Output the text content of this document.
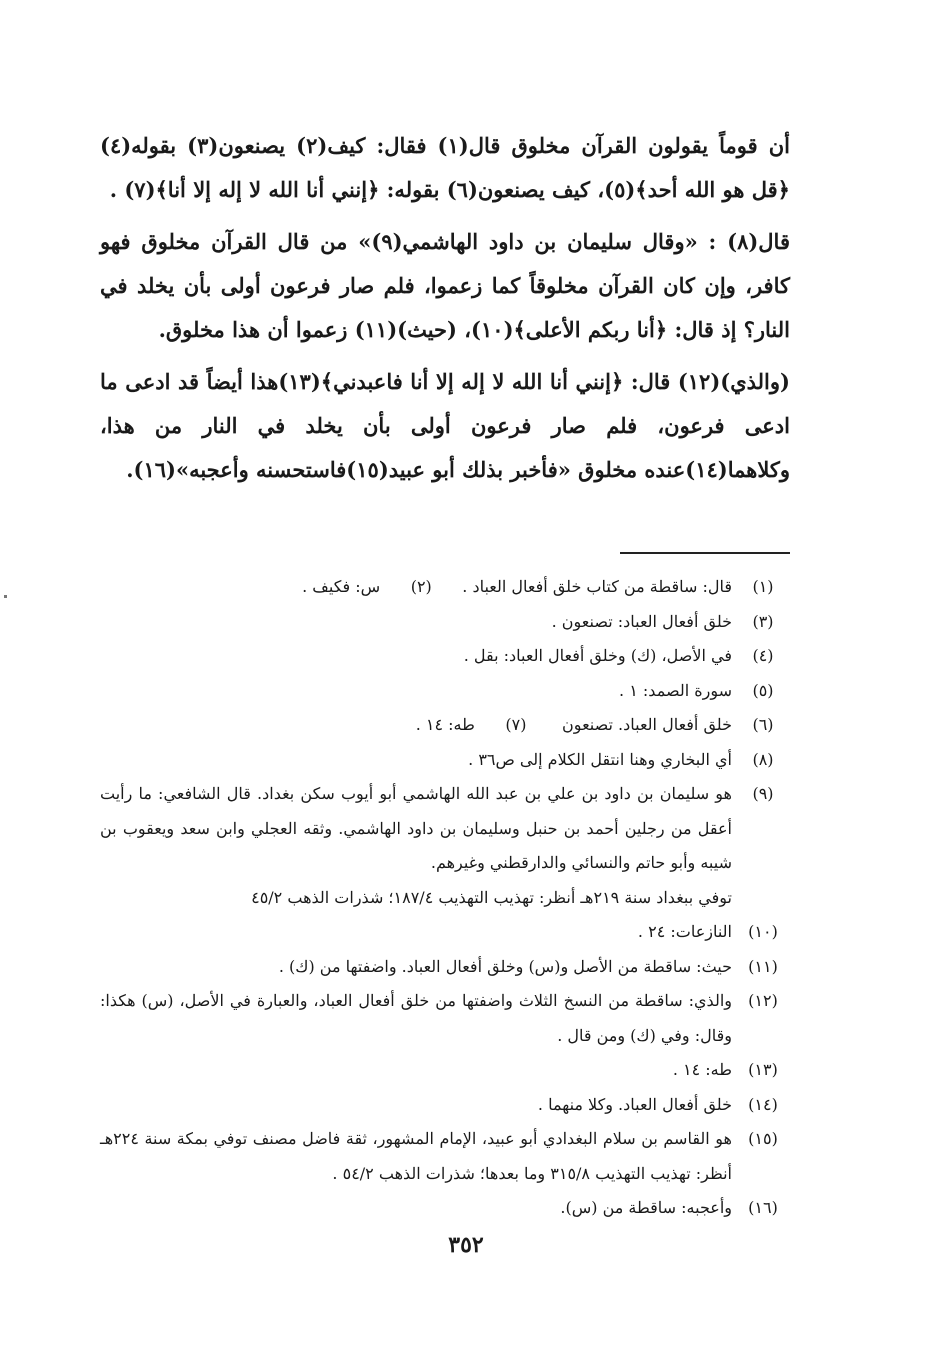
أن قوماً يقولون القرآن مخلوق قال(١) فقال: كيف(٢) يصنعون(٣) بقوله(٤) ﴿قل هو الله أحد﴾(٥)، كيف يصنعون(٦) بقوله: ﴿إنني أنا الله لا إله إلا أنا﴾(٧) .

قال(٨) : «وقال سليمان بن داود الهاشمي(٩)» من قال القرآن مخلوق فهو كافر، وإن كان القرآن مخلوقاً كما زعموا، فلم صار فرعون أولى بأن يخلد في النار؟ إذ قال: ﴿أنا ربكم الأعلى﴾(١٠)، (حيث)(١١) زعموا أن هذا مخلوق.

(والذي)(١٢) قال: ﴿إنني أنا الله لا إله إلا أنا فاعبدني﴾(١٣)هذا أيضاً قد ادعى ما ادعى فرعون، فلم صار فرعون أولى بأن يخلد في النار من هذا، وكلاهما(١٤)عنده مخلوق «فأخبر بذلك أبو عبيد(١٥)فاستحسنه وأعجبه»(١٦).

(١)
قال: ساقطة من كتاب خلق أفعال العباد .      (٢)      س: فكيف .
(٣)
خلق أفعال العباد: تصنعون .
(٤)
في الأصل، (ك) وخلق أفعال العباد: بقل .
(٥)
سورة الصمد: ١ .
(٦)
خلق أفعال العباد. تصنعون       (٧)      طه: ١٤ .
(٨)
أي البخاري وهنا انتقل الكلام إلى ص٣٦ .
(٩)
هو سليمان بن داود بن علي بن عبد الله الهاشمي أبو أيوب سكن بغداد. قال الشافعي: ما رأيت أعقل من رجلين أحمد بن حنبل وسليمان بن داود الهاشمي. وثقه العجلي وابن سعد ويعقوب بن شيبه وأبو حاتم والنسائي والدارقطني وغيرهم.
توفي ببغداد سنة ٢١٩هـ أنظر: تهذيب التهذيب ١٨٧/٤؛ شذرات الذهب ٤٥/٢
(١٠)
النازعات: ٢٤ .
(١١)
حيث: ساقطة من الأصل و(س) وخلق أفعال العباد. واضفتها من (ك) .
(١٢)
والذي: ساقطة من النسخ الثلاث واضفتها من خلق أفعال العباد، والعبارة في الأصل، (س) هكذا: وقال: وفي (ك) ومن قال .
(١٣)
طه: ١٤ .
(١٤)
خلق أفعال العباد. وكلا منهما .
(١٥)
هو القاسم بن سلام البغدادي أبو عبيد، الإمام المشهور، ثقة فاضل مصنف توفي بمكة سنة ٢٢٤هـ أنظر: تهذيب التهذيب ٣١٥/٨ وما بعدها؛ شذرات الذهب ٥٤/٢ .
(١٦)
وأعجبه: ساقطة من (س).
٣٥٢
